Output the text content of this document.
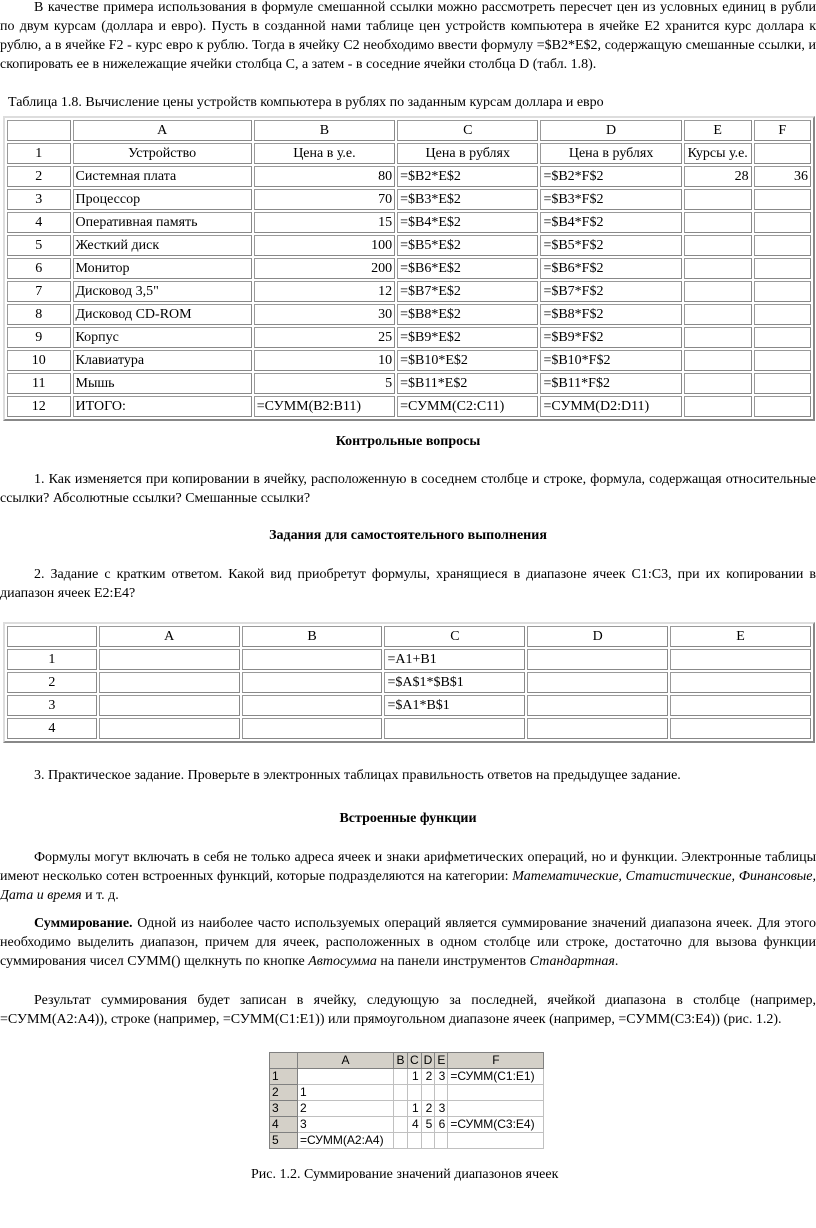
В качестве примера использования в формуле смешанной ссылки можно рассмотреть пересчет цен из условных единиц в рубли по двум курсам (доллара и евро). Пусть в созданной нами таблице цен устройств компьютера в ячейке E2 хранится курс доллара к рублю, а в ячейке F2 - курс евро к рублю. Тогда в ячейку C2 необходимо ввести формулу =$B2*E$2, содержащую смешанные ссылки, и скопировать ее в нижележащие ячейки столбца C, а затем - в соседние ячейки столбца D (табл. 1.8).

Таблица 1.8. Вычисление цены устройств компьютера в рублях по заданным курсам доллара и евро
	A	B	C	D	E	F
1	Устройство	Цена в у.е.	Цена в рублях	Цена в рублях	Курсы у.е.	
2	Системная плата	80	=$B2*E$2	=$B2*F$2	28	36
3	Процессор	70	=$B3*E$2	=$B3*F$2		
4	Оперативная память	15	=$B4*E$2	=$B4*F$2		
5	Жесткий диск	100	=$B5*E$2	=$B5*F$2		
6	Монитор	200	=$B6*E$2	=$B6*F$2		
7	Дисковод 3,5"	12	=$B7*E$2	=$B7*F$2		
8	Дисковод CD-ROM	30	=$B8*E$2	=$B8*F$2		
9	Корпус	25	=$B9*E$2	=$B9*F$2		
10	Клавиатура	10	=$B10*E$2	=$B10*F$2		
11	Мышь	5	=$B11*E$2	=$B11*F$2		
12	ИТОГО:	=СУММ(B2:B11)	=СУММ(C2:C11)	=СУММ(D2:D11)		
Контрольные вопросы

1. Как изменяется при копировании в ячейку, расположенную в соседнем столбце и строке, формула, содержащая относительные ссылки? Абсолютные ссылки? Смешанные ссылки?

Задания для самостоятельного выполнения

2. Задание с кратким ответом. Какой вид приобретут формулы, хранящиеся в диапазоне ячеек C1:C3, при их копировании в диапазон ячеек E2:E4?

	A	B	C	D	E
1			=A1+B1		
2			=$A$1*$B$1		
3			=$A1*B$1		
4					

3. Практическое задание. Проверьте в электронных таблицах правильность ответов на предыдущее задание.

Встроенные функции

Формулы могут включать в себя не только адреса ячеек и знаки арифметических операций, но и функции. Электронные таблицы имеют несколько сотен встроенных функций, которые подразделяются на категории: Математические, Статистические, Финансовые, Дата и время и т. д.

Суммирование. Одной из наиболее часто используемых операций является суммирование значений диапазона ячеек. Для этого необходимо выделить диапазон, причем для ячеек, расположенных в одном столбце или строке, достаточно для вызова функции суммирования чисел СУММ() щелкнуть по кнопке Автосумма на панели инструментов Стандартная.

Результат суммирования будет записан в ячейку, следующую за последней, ячейкой диапазона в столбце (например, =СУММ(А2:А4)), строке (например, =СУММ(С1:Е1)) или прямоугольном диапазоне ячеек (например, =СУММ(С3:Е4)) (рис. 1.2).

	A	B	C	D	E	F
1			1	2	3	=СУММ(C1:E1)
2	1					
3	2		1	2	3	
4	3		4	5	6	=СУММ(C3:E4)
5	=СУММ(A2:A4)					
Рис. 1.2. Суммирование значений диапазонов ячеек
